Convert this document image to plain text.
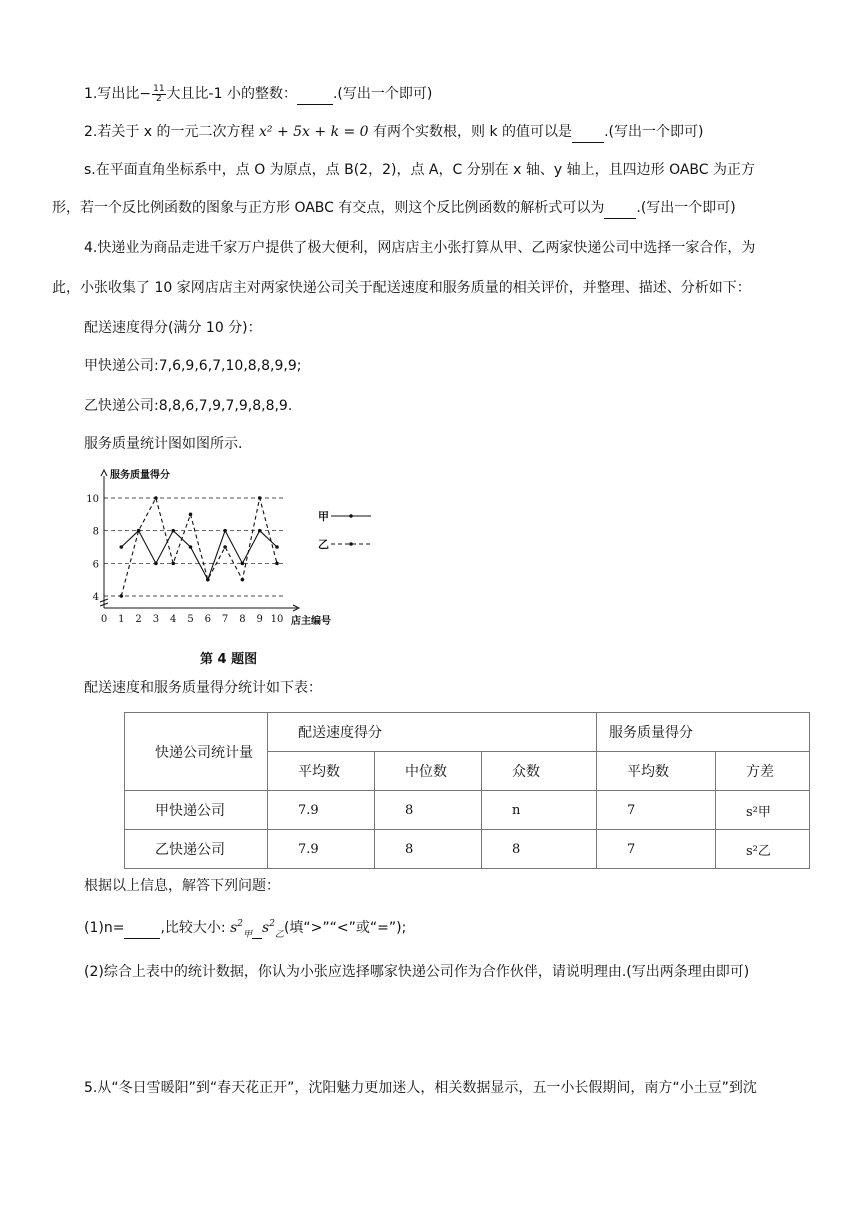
1.写出比− $\frac{11}{2}$ 大且比-1 小的整数：	.(写出一个即可)
2.若关于 x 的一元二次方程 x² + 5x + k = 0 有两个实数根，则 k 的值可以是 .(写出一个即可)
s.在平面直角坐标系中，点 O 为原点，点 B(2，2)，点 A，C 分别在 x 轴、y 轴上，且四边形 OABC 为正方
形，若一个反比例函数的图象与正方形 OABC 有交点，则这个反比例函数的解析式可以为 .(写出一个即可)
4.快递业为商品走进千家万户提供了极大便利，网店店主小张打算从甲、乙两家快递公司中选择一家合作，为
此，小张收集了 10 家网店店主对两家快递公司关于配送速度和服务质量的相关评价，并整理、描述、分析如下：
配送速度得分(满分 10 分)：
甲快递公司:7,6,9,6,7,10,8,8,9,9;
乙快递公司:8,8,6,7,9,7,9,8,8,9.
服务质量统计图如图所示.
4
6
8
10
0 1 2 3 4 5 6 7 8 9 10
服务质量得分
店主编号
甲
乙
第 4 题图
配送速度和服务质量得分统计如下表：
快递公司统计量	配送速度得分			服务质量得分	
	平均数	中位数	众数	平均数	方差
甲快递公司	7.9	8	n	7	s²甲
乙快递公司	7.9	8	8	7	s²乙
根据以上信息，解答下列问题：
(1)n=	,比较大小: $s^2_甲$ $s^2_乙$(填“>”“<”或“=”);
(2)综合上表中的统计数据，你认为小张应选择哪家快递公司作为合作伙伴，请说明理由.(写出两条理由即可)
5.从“冬日雪暖阳”到“春天花正开”，沈阳魅力更加迷人，相关数据显示，五一小长假期间，南方“小土豆”到沈
